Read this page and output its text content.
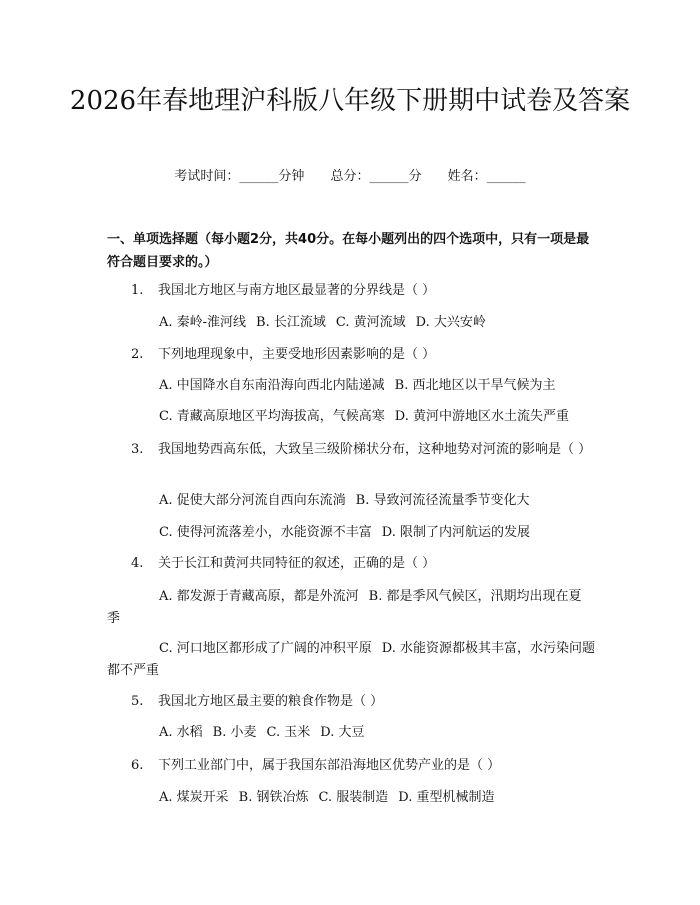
2026年春地理沪科版八年级下册期中试卷及答案
考试时间：______分钟 总分：______分 姓名：______
一、单项选择题（每小题2分，共40分。在每小题列出的四个选项中，只有一项是最符合题目要求的。）
1. 我国北方地区与南方地区最显著的分界线是（ ）
A. 秦岭-淮河线 B. 长江流域 C. 黄河流域 D. 大兴安岭
2. 下列地理现象中，主要受地形因素影响的是（ ）
A. 中国降水自东南沿海向西北内陆递减 B. 西北地区以干旱气候为主
C. 青藏高原地区平均海拔高，气候高寒 D. 黄河中游地区水土流失严重
3. 我国地势西高东低，大致呈三级阶梯状分布，这种地势对河流的影响是（ ）
A. 促使大部分河流自西向东流淌 B. 导致河流径流量季节变化大
C. 使得河流落差小，水能资源不丰富 D. 限制了内河航运的发展
4. 关于长江和黄河共同特征的叙述，正确的是（ ）
A. 都发源于青藏高原，都是外流河 B. 都是季风气候区，汛期均出现在夏季
C. 河口地区都形成了广阔的冲积平原 D. 水能资源都极其丰富，水污染问题都不严重
5. 我国北方地区最主要的粮食作物是（ ）
A. 水稻 B. 小麦 C. 玉米 D. 大豆
6. 下列工业部门中，属于我国东部沿海地区优势产业的是（ ）
A. 煤炭开采 B. 钢铁冶炼 C. 服装制造 D. 重型机械制造
